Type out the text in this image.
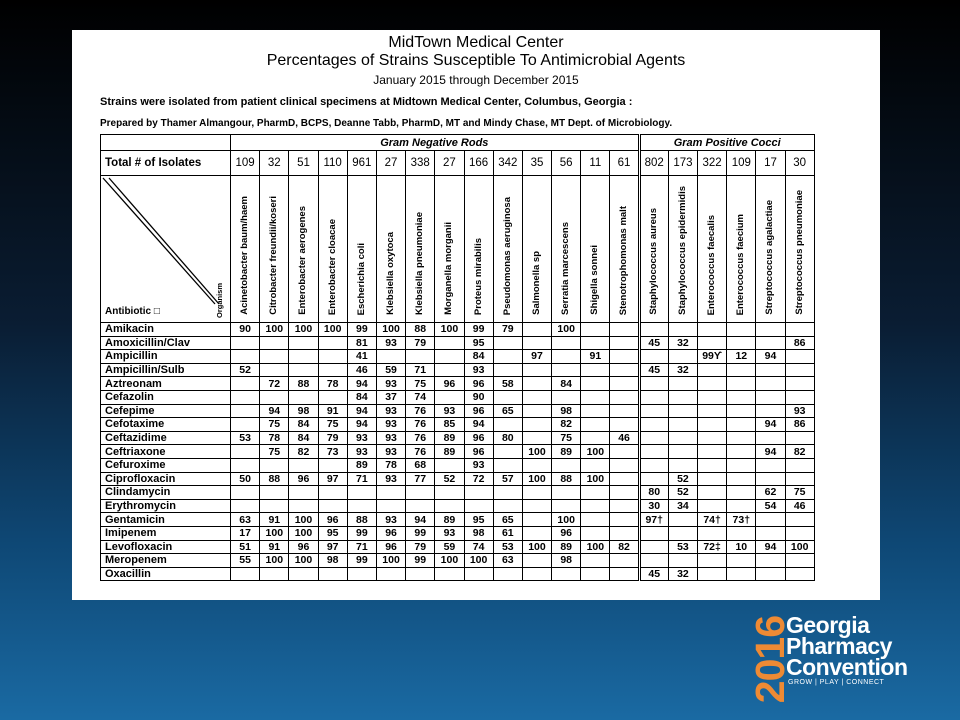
MidTown Medical Center
Percentages of Strains Susceptible To Antimicrobial Agents
January 2015 through December 2015
Strains were isolated from patient clinical specimens at Midtown Medical Center, Columbus, Georgia :
Prepared by Thamer Almangour, PharmD, BCPS, Deanne Tabb, PharmD, MT and Mindy Chase, MT Dept. of Microbiology.
	Gram Negative Rods														Gram Positive Cocci					
Total # of Isolates	109	32	51	110	961	27	338	27	166	342	35	56	11	61	802	173	322	109	17	30

Antibiotic □ Organism	Acinetobacter baum/haem	Citrobacter freundii/koseri	Enterobacter aerogenes	Enterobacter cloacae	Escherichia coli	Klebsiella oxytoca	Klebsiella pneumoniae	Morganella morganii	Proteus mirabilis	Pseudomonas aeruginosa	Salmonella sp	Serratia marcescens	Shigella sonnei	Stenotrophomonas malt	Staphylococcus aureus	Staphylococcus epidermidis	Enterococcus faecalis	Enterococcus faecium	Streptococcus agalactiae	Streptococcus pneumoniae
Amikacin	90	100	100	100	99	100	88	100	99	79		100								
Amoxicillin/Clav					81	93	79		95						45	32				86
Ampicillin					41				84		97		91				99ϒ	12	94	
Ampicillin/Sulb	52				46	59	71		93						45	32				
Aztreonam		72	88	78	94	93	75	96	96	58		84								
Cefazolin					84	37	74		90											
Cefepime		94	98	91	94	93	76	93	96	65		98								93
Cefotaxime		75	84	75	94	93	76	85	94			82							94	86
Ceftazidime	53	78	84	79	93	93	76	89	96	80		75		46						
Ceftriaxone		75	82	73	93	93	76	89	96		100	89	100						94	82
Cefuroxime					89	78	68		93											
Ciprofloxacin	50	88	96	97	71	93	77	52	72	57	100	88	100			52				
Clindamycin															80	52			62	75
Erythromycin															30	34			54	46
Gentamicin	63	91	100	96	88	93	94	89	95	65		100			97†		74†	73†		
Imipenem	17	100	100	95	99	96	99	93	98	61		96								
Levofloxacin	51	91	96	97	71	96	79	59	74	53	100	89	100	82		53	72‡	10	94	100
Meropenem	55	100	100	98	99	100	99	100	100	63		98								
Oxacillin															45	32				
2016
Georgia
Pharmacy
Convention
GROW | PLAY | CONNECT
